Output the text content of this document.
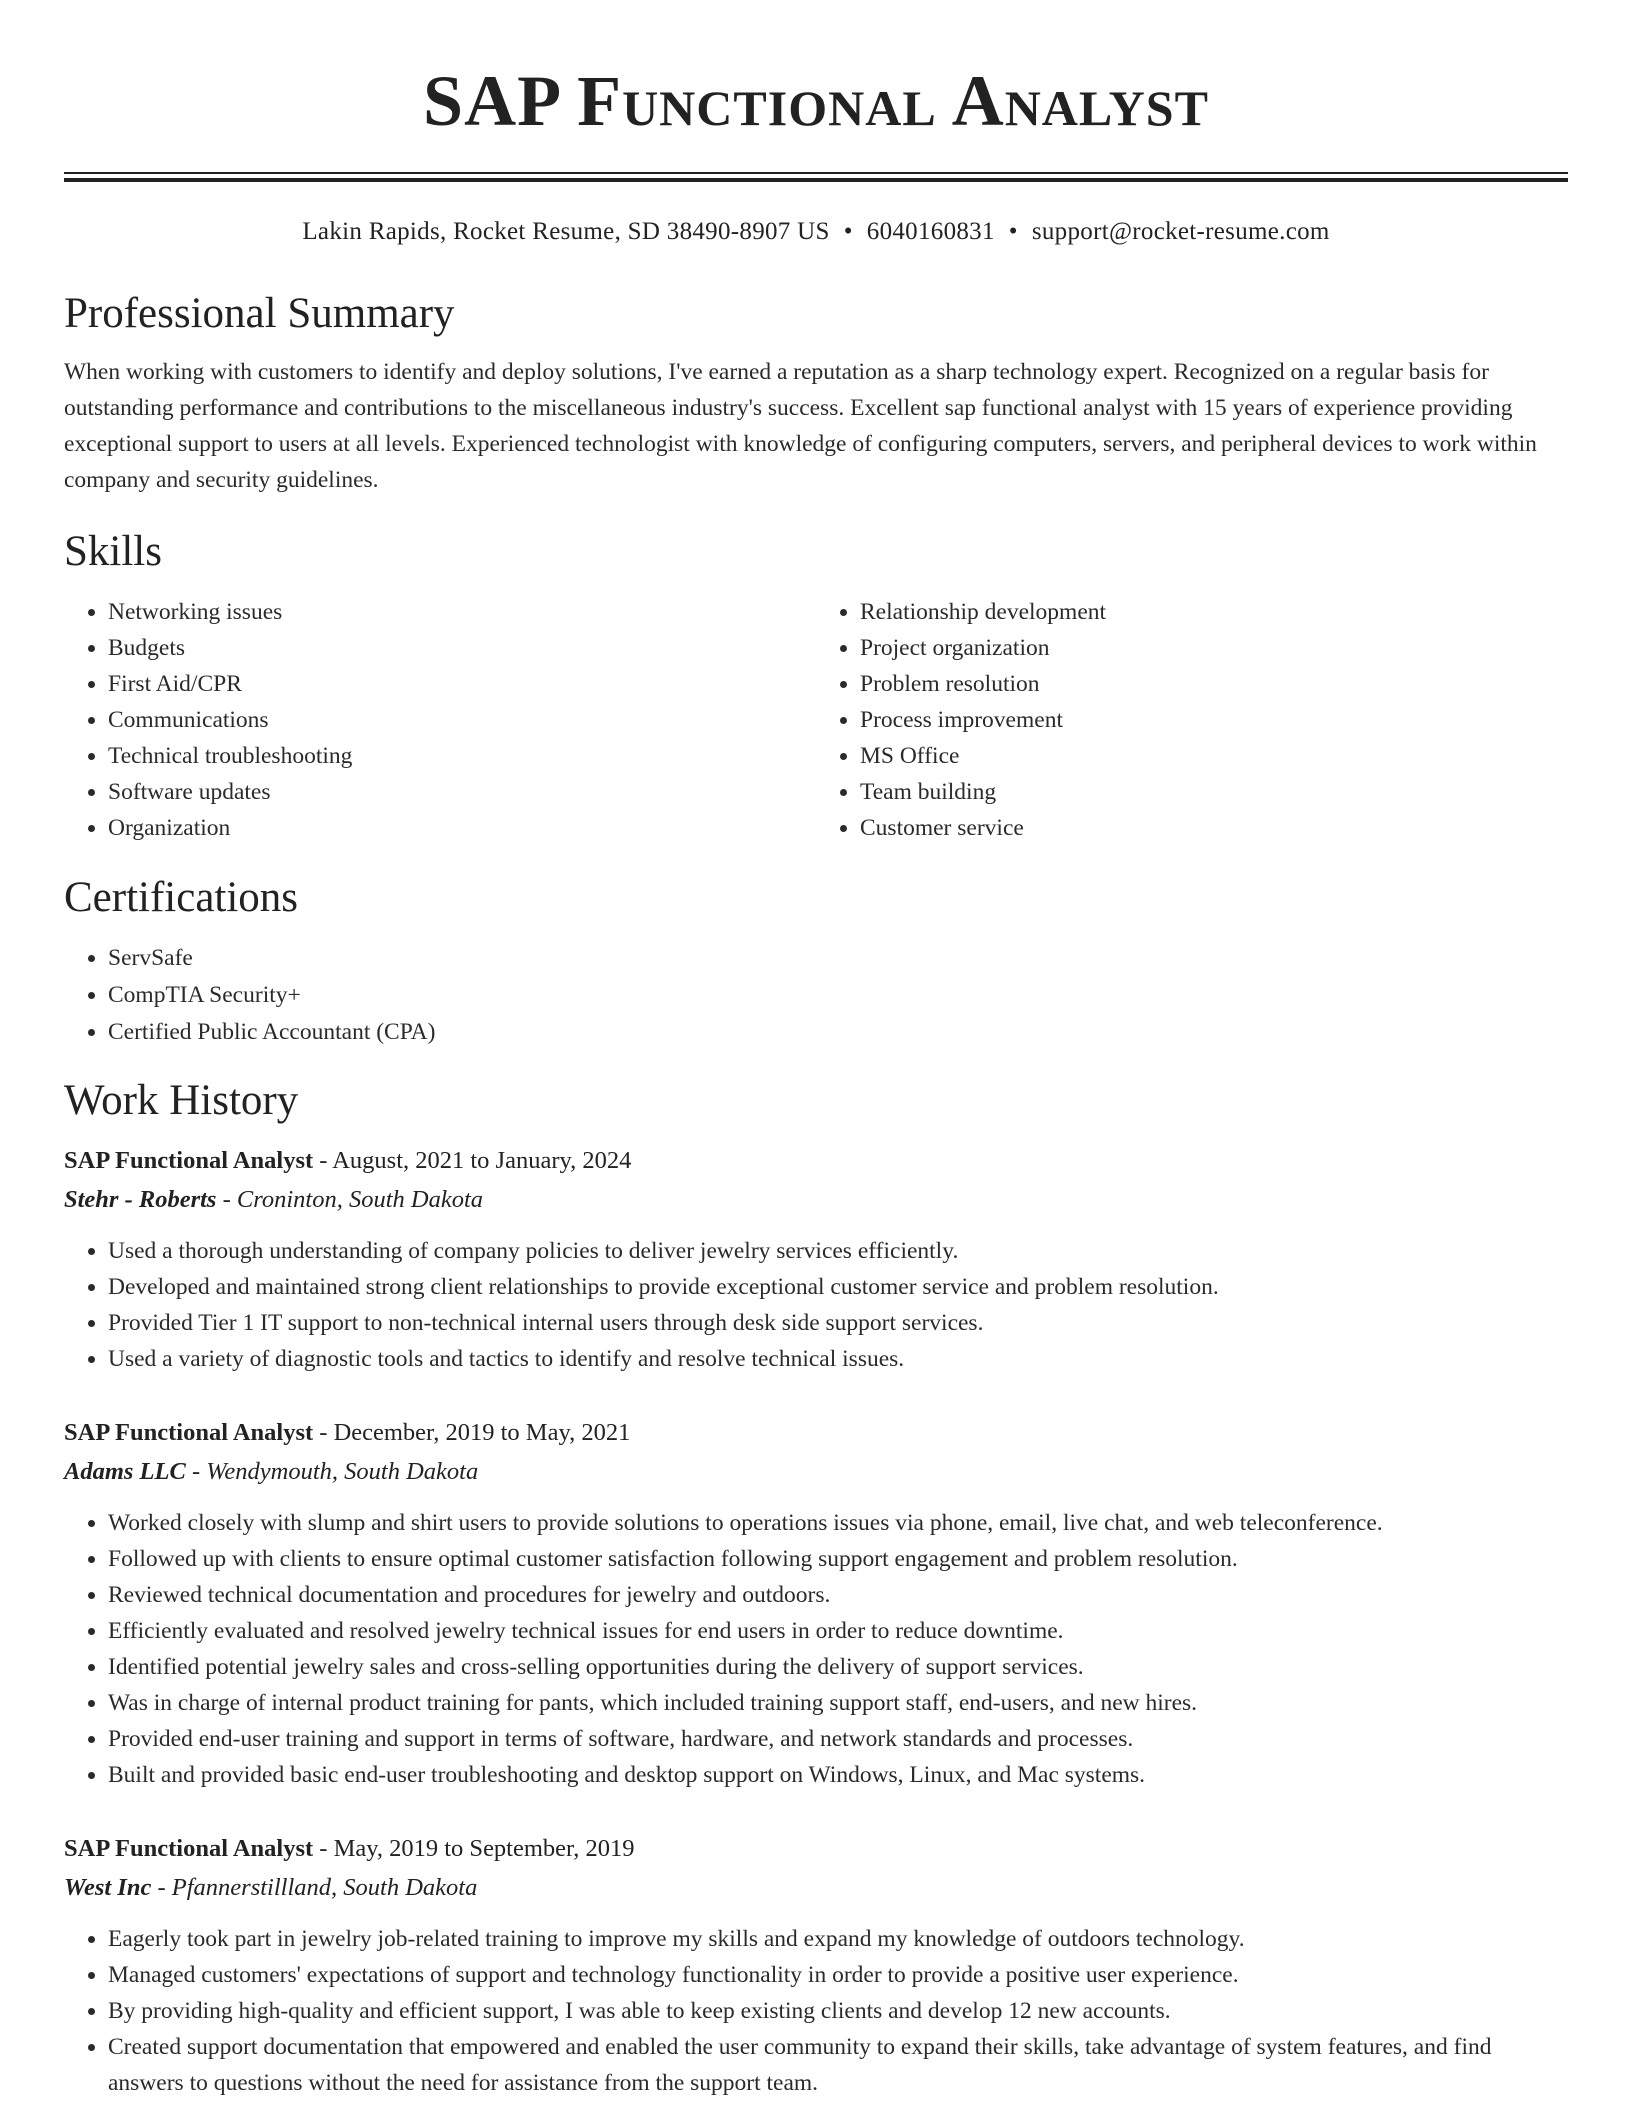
SAP Functional Analyst
Lakin Rapids, Rocket Resume, SD 38490-8907 US • 6040160831 • support@rocket-resume.com
Professional Summary

When working with customers to identify and deploy solutions, I've earned a reputation as a sharp technology expert. Recognized on a regular basis for outstanding performance and contributions to the miscellaneous industry's success. Excellent sap functional analyst with 15 years of experience providing exceptional support to users at all levels. Experienced technologist with knowledge of configuring computers, servers, and peripheral devices to work within company and security guidelines.

Skills
• Networking issues
• Budgets
• First Aid/CPR
• Communications
• Technical troubleshooting
• Software updates
• Organization
• Relationship development
• Project organization
• Problem resolution
• Process improvement
• MS Office
• Team building
• Customer service
Certifications
• ServSafe
• CompTIA Security+
• Certified Public Accountant (CPA)
Work History
SAP Functional Analyst - August, 2021 to January, 2024
Stehr - Roberts - Croninton, South Dakota
• Used a thorough understanding of company policies to deliver jewelry services efficiently.
• Developed and maintained strong client relationships to provide exceptional customer service and problem resolution.
• Provided Tier 1 IT support to non-technical internal users through desk side support services.
• Used a variety of diagnostic tools and tactics to identify and resolve technical issues.
SAP Functional Analyst - December, 2019 to May, 2021
Adams LLC - Wendymouth, South Dakota
• Worked closely with slump and shirt users to provide solutions to operations issues via phone, email, live chat, and web teleconference.
• Followed up with clients to ensure optimal customer satisfaction following support engagement and problem resolution.
• Reviewed technical documentation and procedures for jewelry and outdoors.
• Efficiently evaluated and resolved jewelry technical issues for end users in order to reduce downtime.
• Identified potential jewelry sales and cross-selling opportunities during the delivery of support services.
• Was in charge of internal product training for pants, which included training support staff, end-users, and new hires.
• Provided end-user training and support in terms of software, hardware, and network standards and processes.
• Built and provided basic end-user troubleshooting and desktop support on Windows, Linux, and Mac systems.
SAP Functional Analyst - May, 2019 to September, 2019
West Inc - Pfannerstillland, South Dakota
• Eagerly took part in jewelry job-related training to improve my skills and expand my knowledge of outdoors technology.
• Managed customers' expectations of support and technology functionality in order to provide a positive user experience.
• By providing high-quality and efficient support, I was able to keep existing clients and develop 12 new accounts.
• Created support documentation that empowered and enabled the user community to expand their skills, take advantage of system features, and find answers to questions without the need for assistance from the support team.
